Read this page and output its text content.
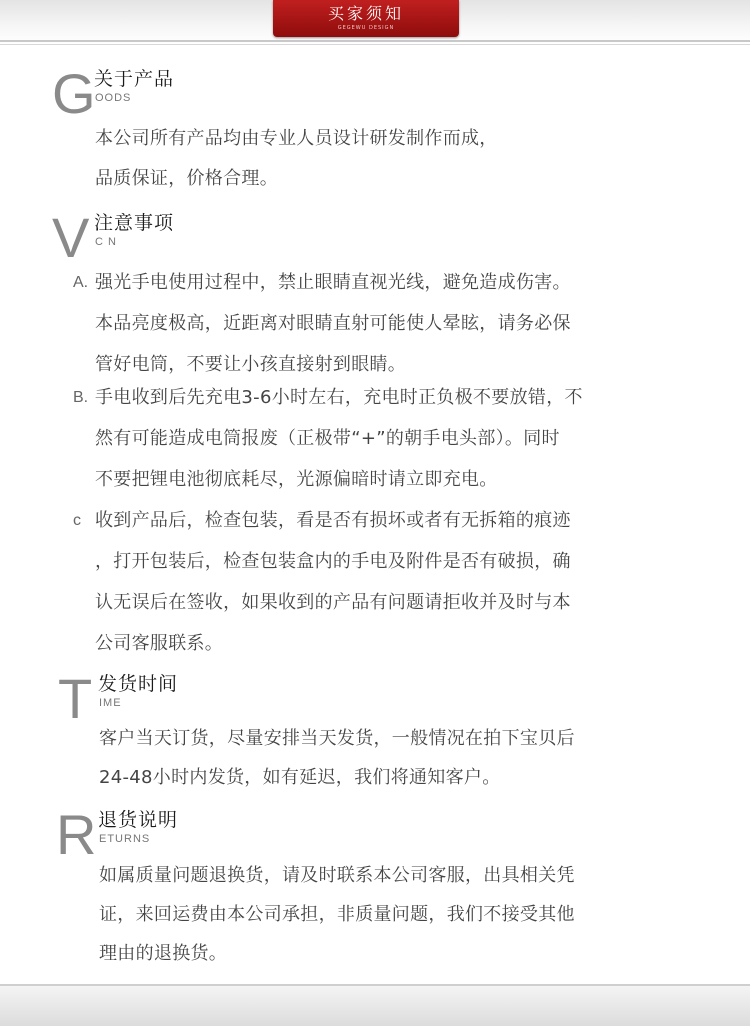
买家须知
GEGEWU DESIGN
G
关于产品
OODS
本公司所有产品均由专业人员设计研发制作而成，
品质保证，价格合理。
V 注意事项
C N
A. 强光手电使用过程中，禁止眼睛直视光线，避免造成伤害。
本品亮度极高，近距离对眼睛直射可能使人晕眩，请务必保
管好电筒，不要让小孩直接射到眼睛。
B. 手电收到后先充电3-6小时左右，充电时正负极不要放错，不
然有可能造成电筒报废（正极带“+”的朝手电头部）。同时
不要把锂电池彻底耗尽，光源偏暗时请立即充电。
c 收到产品后，检查包装，看是否有损坏或者有无拆箱的痕迹
，打开包装后，检查包装盒内的手电及附件是否有破损，确
认无误后在签收，如果收到的产品有问题请拒收并及时与本
公司客服联系。
T 发货时间
IME
客户当天订货，尽量安排当天发货，一般情况在拍下宝贝后
24-48小时内发货，如有延迟，我们将通知客户。
R 退货说明
ETURNS
如属质量问题退换货，请及时联系本公司客服，出具相关凭
证，来回运费由本公司承担，非质量问题，我们不接受其他
理由的退换货。
